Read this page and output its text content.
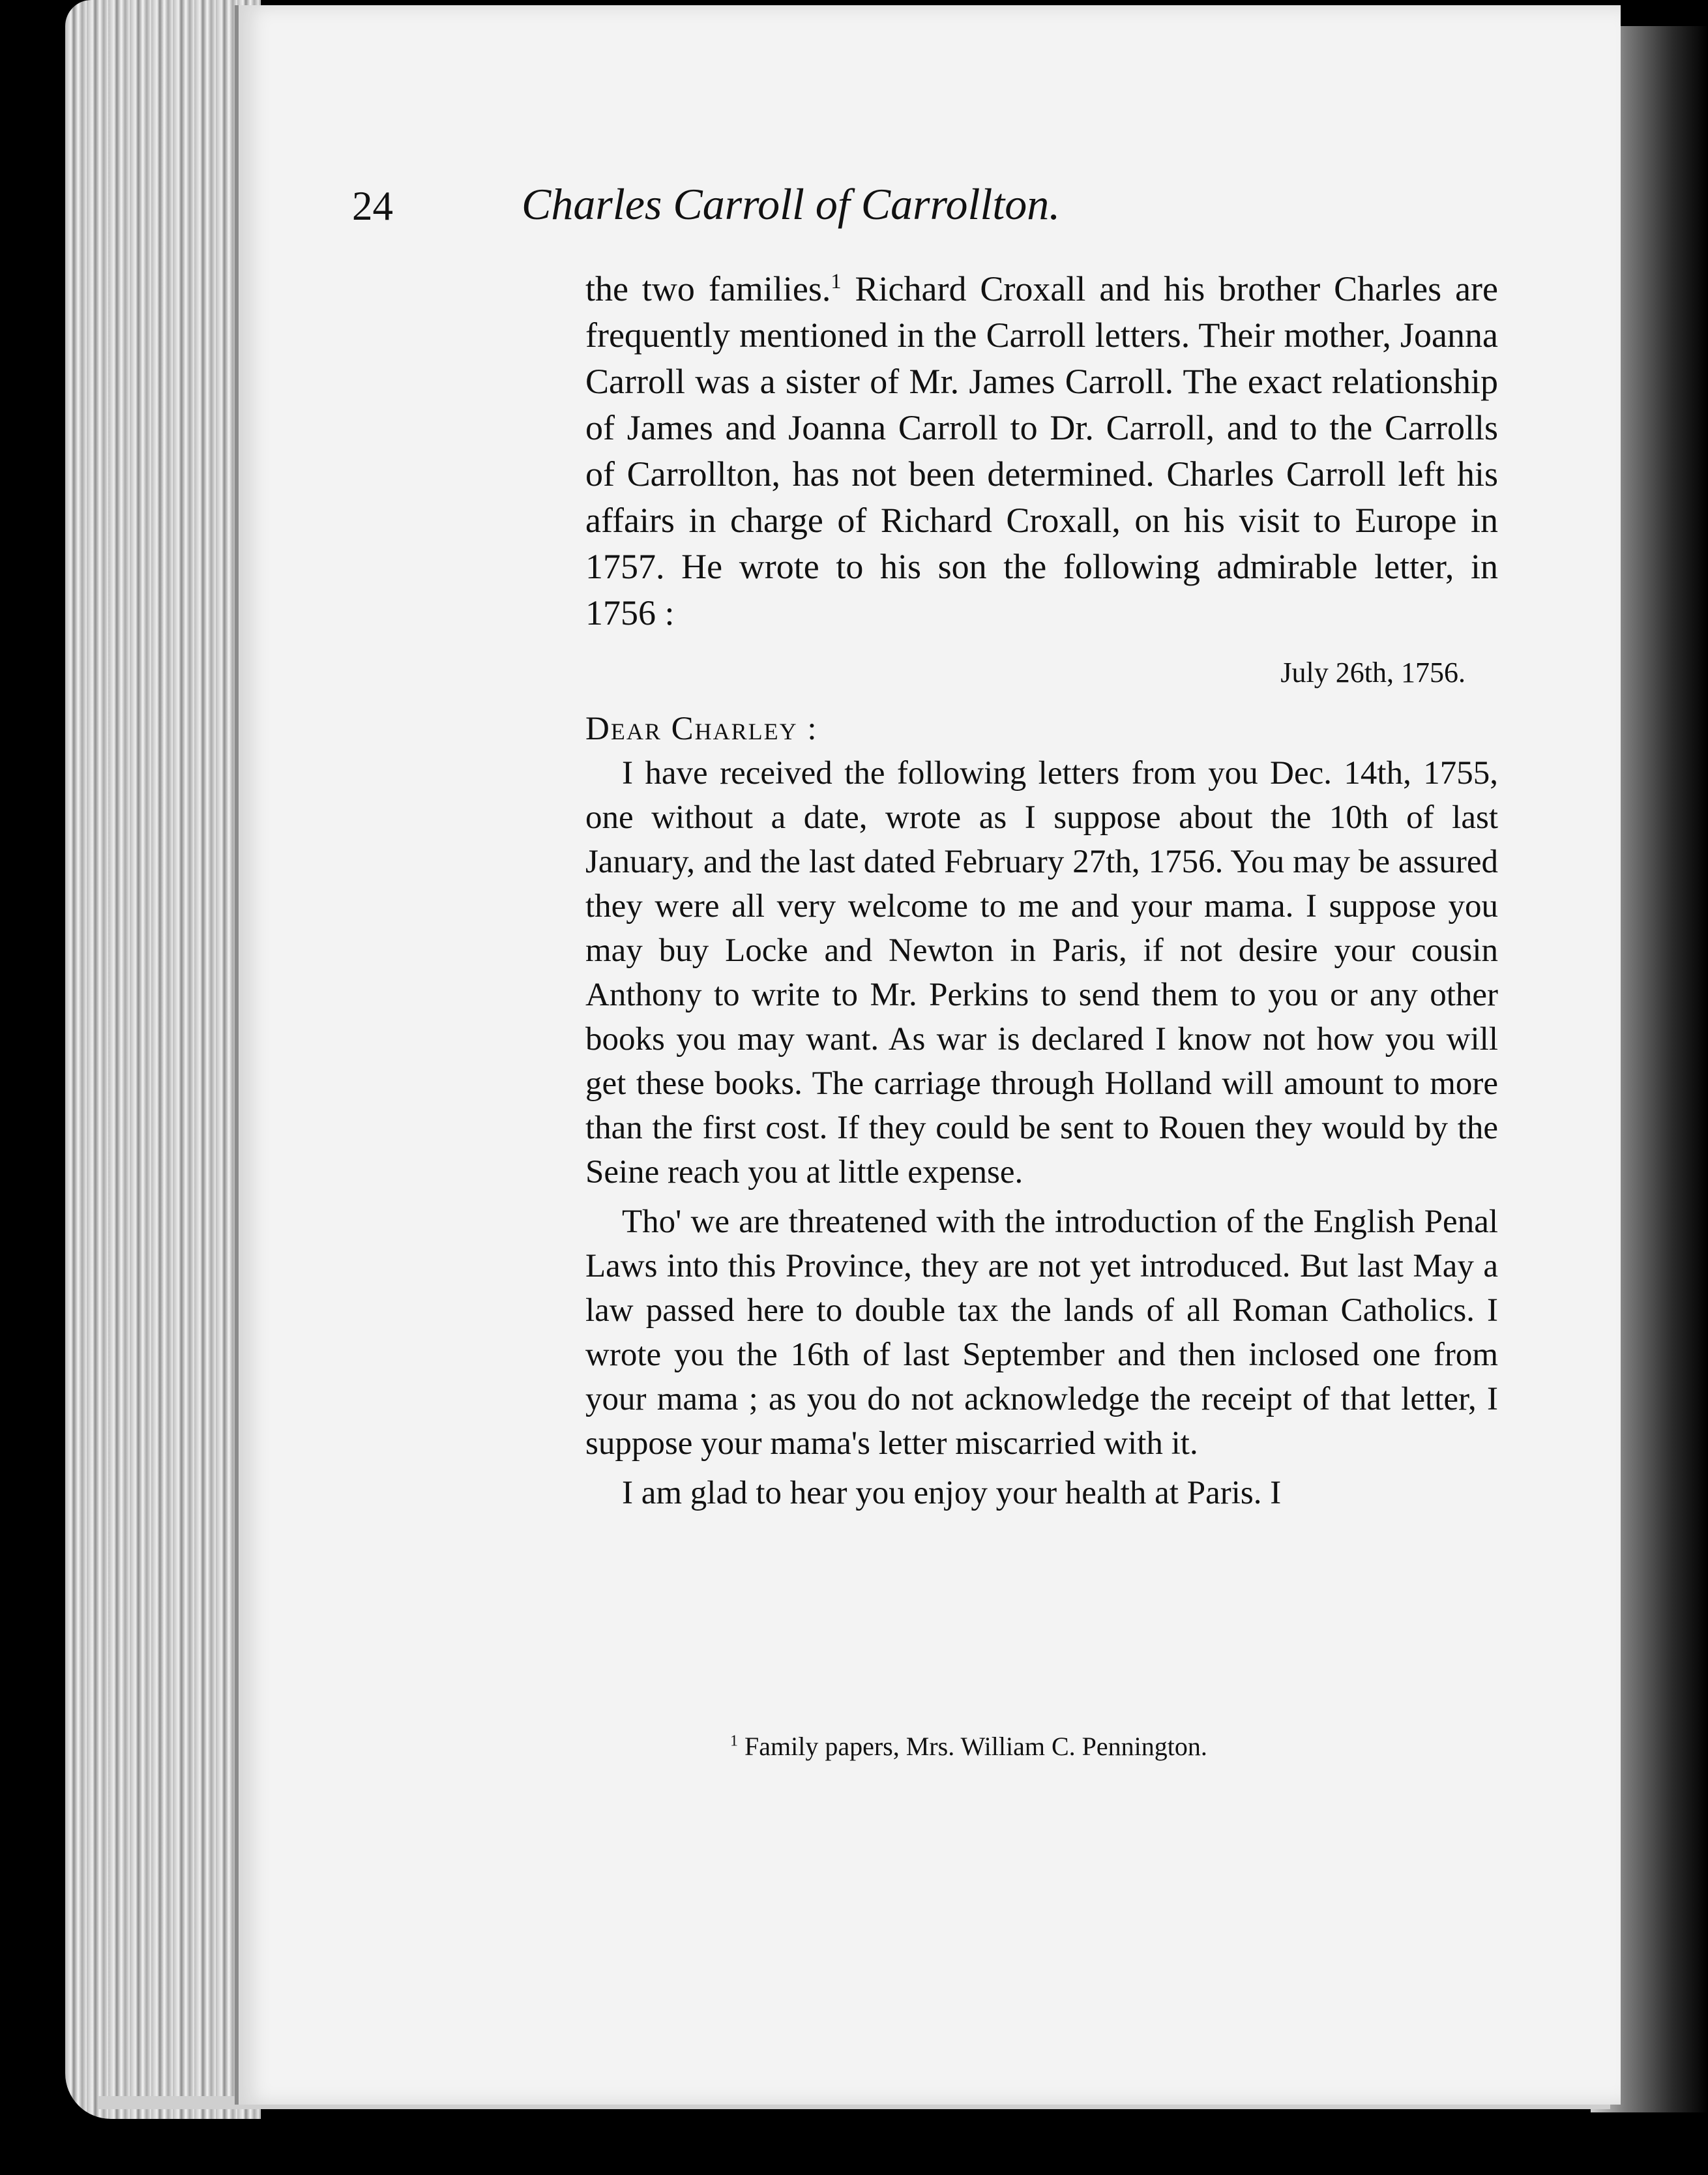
24	Charles Carroll of Carrollton.

the two families.$^1$ Richard Croxall and his brother Charles are frequently mentioned in the Carroll letters. Their mother, Joanna Carroll was a sister of Mr. James Carroll. The exact relationship of James and Joanna Carroll to Dr. Carroll, and to the Carrolls of Carrollton, has not been determined. Charles Carroll left his affairs in charge of Richard Croxall, on his visit to Europe in 1757. He wrote to his son the following admirable letter, in 1756 :

July 26th, 1756.

Dear Charley :

I have received the following letters from you Dec. 14th, 1755, one without a date, wrote as I suppose about the 10th of last January, and the last dated February 27th, 1756. You may be assured they were all very welcome to me and your mama. I suppose you may buy Locke and Newton in Paris, if not desire your cousin Anthony to write to Mr. Perkins to send them to you or any other books you may want. As war is declared I know not how you will get these books. The carriage through Holland will amount to more than the first cost. If they could be sent to Rouen they would by the Seine reach you at little expense.

Tho' we are threatened with the introduction of the English Penal Laws into this Province, they are not yet introduced. But last May a law passed here to double tax the lands of all Roman Catholics. I wrote you the 16th of last September and then inclosed one from your mama ; as you do not acknowledge the receipt of that letter, I suppose your mama's letter miscarried with it.

I am glad to hear you enjoy your health at Paris. I

$^1$ Family papers, Mrs. William C. Pennington.
